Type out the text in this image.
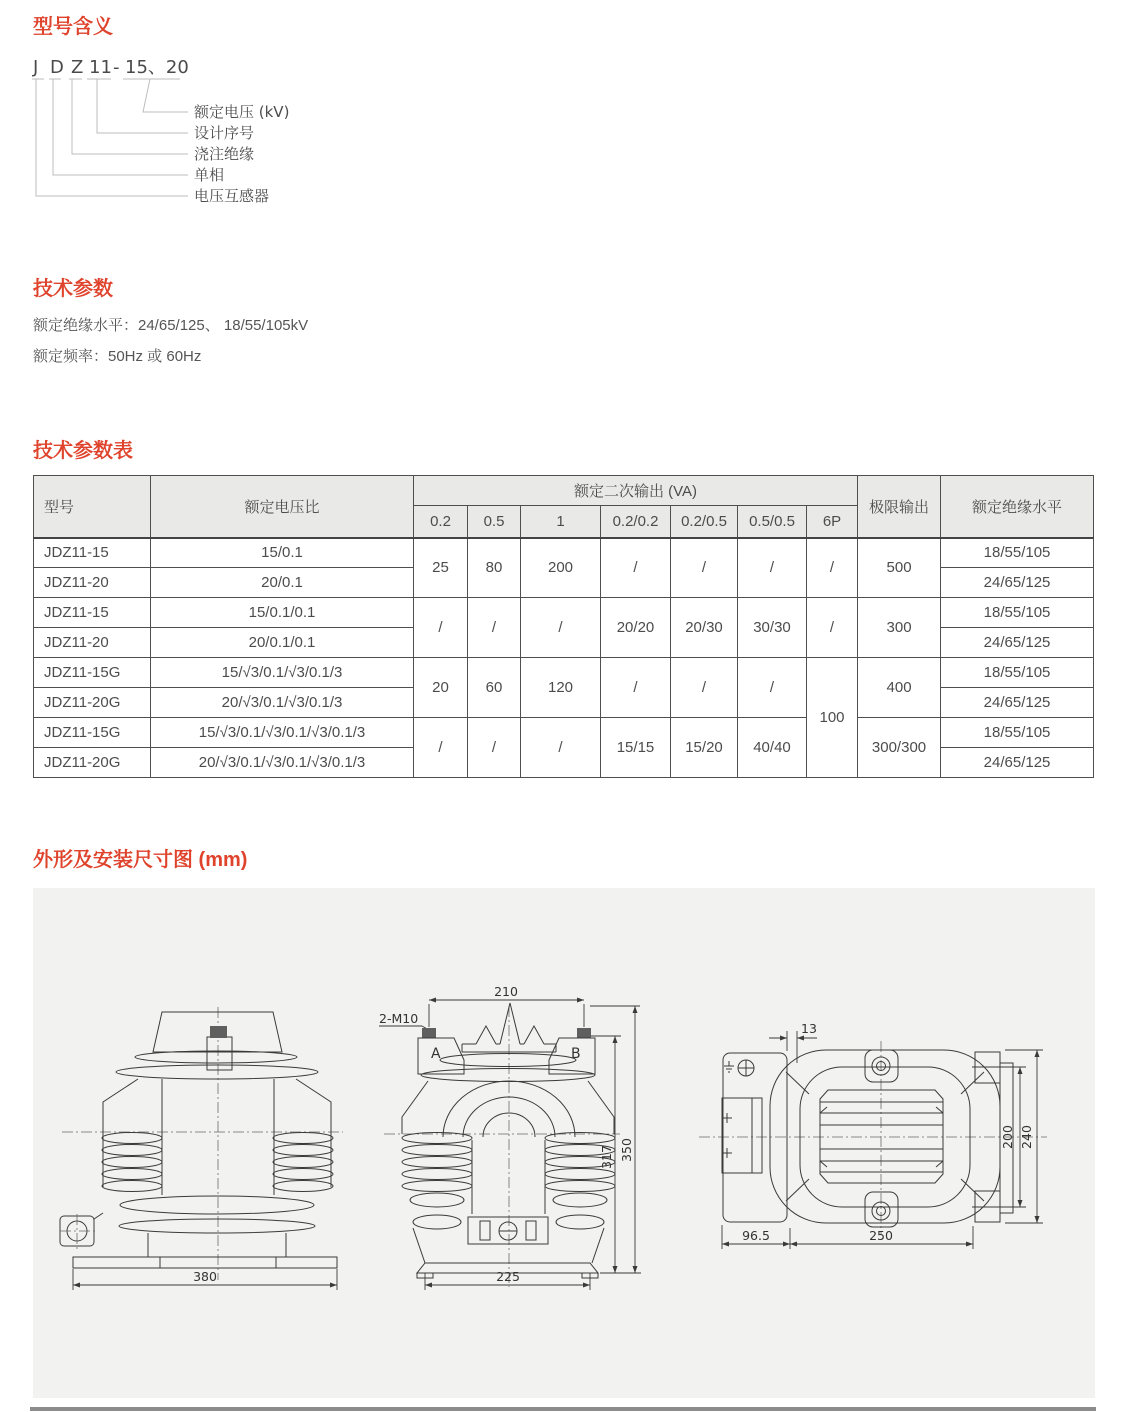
型号含义
J D Z 11 - 15、20
额定电压 (kV)
设计序号
浇注绝缘
单相
电压互感器
技术参数
额定绝缘水平：24/65/125、 18/55/105kV
额定频率：50Hz 或 60Hz
技术参数表
型号	额定电压比	额定二次输出 (VA)							极限输出	额定绝缘水平
		0.2	0.5	1	0.2/0.2	0.2/0.5	0.5/0.5	6P		
JDZ11-15	15/0.1	25	80	200	/	/	/	/	500	18/55/105
JDZ11-20	20/0.1									24/65/125
JDZ11-15	15/0.1/0.1	/	/	/	20/20	20/30	30/30	/	300	18/55/105
JDZ11-20	20/0.1/0.1									24/65/125
JDZ11-15G	15/√3/0.1/√3/0.1/3	20	60	120	/	/	/	100	400	18/55/105
JDZ11-20G	20/√3/0.1/√3/0.1/3									24/65/125
JDZ11-15G	15/√3/0.1/√3/0.1/√3/0.1/3	/	/	/	15/15	15/20	40/40		300/300	18/55/105
JDZ11-20G	20/√3/0.1/√3/0.1/√3/0.1/3									24/65/125
外形及安装尺寸图 (mm)
380
210
2-M10
A	B
225
317 350
13
96.5	250
200 240
